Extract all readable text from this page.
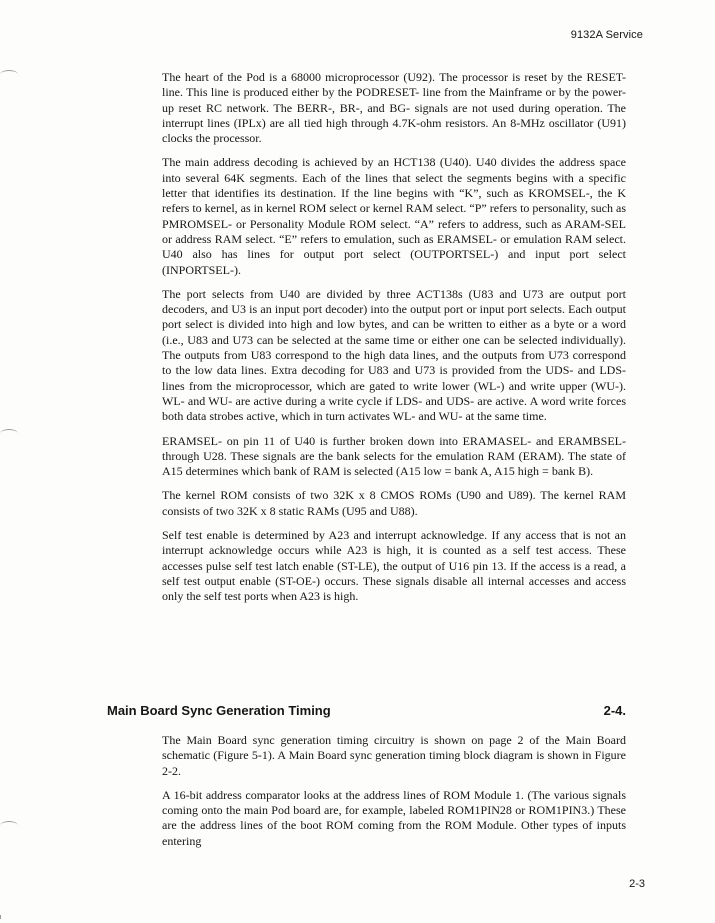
9132A Service

The heart of the Pod is a 68000 microprocessor (U92). The processor is reset by the RESET- line. This line is produced either by the PODRESET- line from the Mainframe or by the power-up reset RC network. The BERR-, BR-, and BG- signals are not used during operation. The interrupt lines (IPLx) are all tied high through 4.7K-ohm resistors. An 8-MHz oscillator (U91) clocks the processor.

The main address decoding is achieved by an HCT138 (U40). U40 divides the address space into several 64K segments. Each of the lines that select the segments begins with a specific letter that identifies its destination. If the line begins with “K”, such as KROMSEL-, the K refers to kernel, as in kernel ROM select or kernel RAM select. “P” refers to personality, such as PMROMSEL- or Personality Module ROM select. “A” refers to address, such as ARAM-SEL or address RAM select. “E” refers to emulation, such as ERAMSEL- or emulation RAM select. U40 also has lines for output port select (OUTPORTSEL-) and input port select (INPORTSEL-).

The port selects from U40 are divided by three ACT138s (U83 and U73 are output port decoders, and U3 is an input port decoder) into the output port or input port selects. Each output port select is divided into high and low bytes, and can be written to either as a byte or a word (i.e., U83 and U73 can be selected at the same time or either one can be selected individually). The outputs from U83 correspond to the high data lines, and the outputs from U73 correspond to the low data lines. Extra decoding for U83 and U73 is provided from the UDS- and LDS- lines from the microprocessor, which are gated to write lower (WL-) and write upper (WU-). WL- and WU- are active during a write cycle if LDS- and UDS- are active. A word write forces both data strobes active, which in turn activates WL- and WU- at the same time.

ERAMSEL- on pin 11 of U40 is further broken down into ERAMASEL- and ERAMBSEL- through U28. These signals are the bank selects for the emulation RAM (ERAM). The state of A15 determines which bank of RAM is selected (A15 low = bank A, A15 high = bank B).

The kernel ROM consists of two 32K x 8 CMOS ROMs (U90 and U89). The kernel RAM consists of two 32K x 8 static RAMs (U95 and U88).

Self test enable is determined by A23 and interrupt acknowledge. If any access that is not an interrupt acknowledge occurs while A23 is high, it is counted as a self test access. These accesses pulse self test latch enable (ST-LE), the output of U16 pin 13. If the access is a read, a self test output enable (ST-OE-) occurs. These signals disable all internal accesses and access only the self test ports when A23 is high.

Main Board Sync Generation Timing	2-4.

The Main Board sync generation timing circuitry is shown on page 2 of the Main Board schematic (Figure 5-1). A Main Board sync generation timing block diagram is shown in Figure 2-2.

A 16-bit address comparator looks at the address lines of ROM Module 1. (The various signals coming onto the main Pod board are, for example, labeled ROM1PIN28 or ROM1PIN3.) These are the address lines of the boot ROM coming from the ROM Module. Other types of inputs entering

2-3
